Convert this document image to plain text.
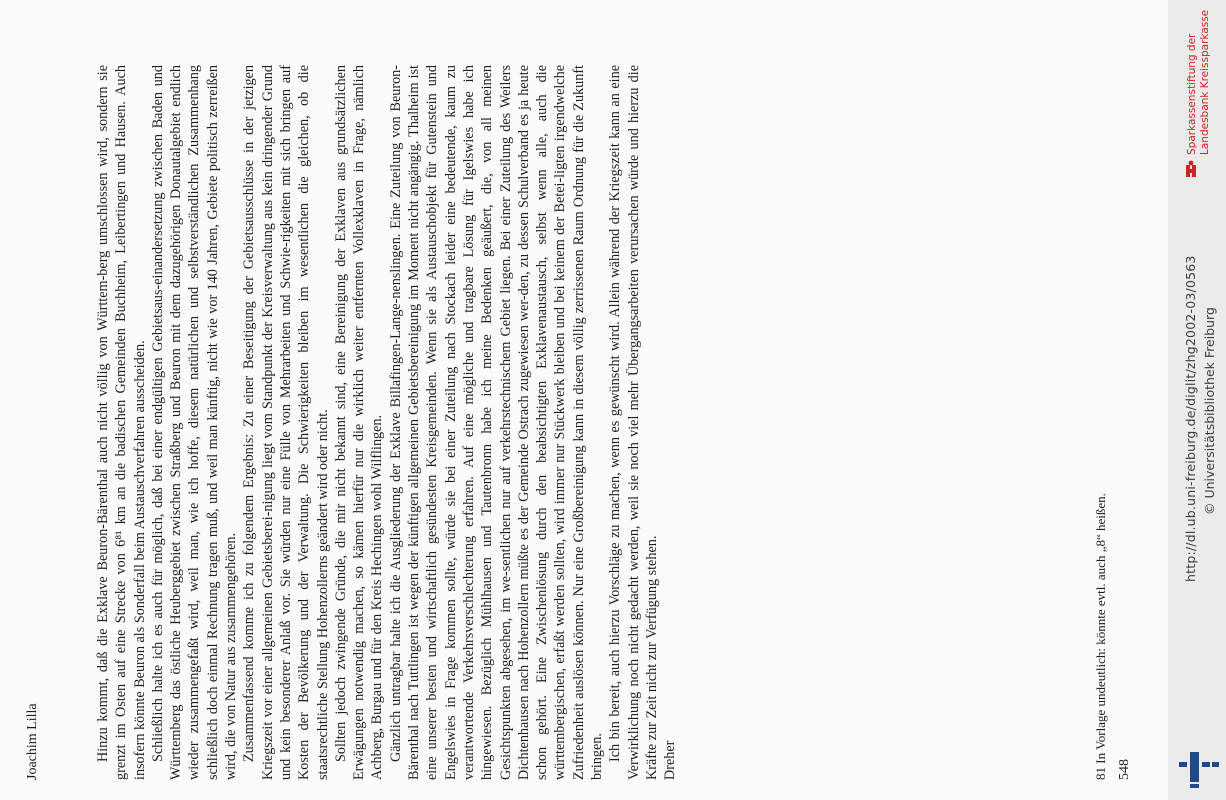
Joachim Lilla	Hinzu kommt, daß die Exklave Beuron-Bärenthal auch nicht völlig von Württem-berg umschlossen wird, sondern sie grenzt im Osten auf eine Strecke von 6⁸¹ km an die badischen Gemeinden Buchheim, Leibertingen und Hausen. Auch insofern könnte Beuron als Sonderfall beim Austauschverfahren ausscheiden. Schließlich halte ich es auch für möglich, daß bei einer endgültigen Gebietsaus-einandersetzung zwischen Baden und Württemberg das östliche Heuberggebiet zwischen Straßberg und Beuron mit dem dazugehörigen Donautalgebiet endlich wieder zusammengefaßt wird, weil man, wie ich hoffe, diesem natürlichen und selbstverständlichen Zusammenhang schließlich doch einmal Rechnung tragen muß, und weil man künftig, nicht wie vor 140 Jahren, Gebiete politisch zerreißen wird, die von Natur aus zusammengehören. Zusammenfassend komme ich zu folgendem Ergebnis: Zu einer Beseitigung der Gebietsausschlüsse in der jetzigen Kriegszeit vor einer allgemeinen Gebietsberei-nigung liegt vom Standpunkt der Kreisverwaltung aus kein dringender Grund und kein besonderer Anlaß vor. Sie würden nur eine Fülle von Mehrarbeiten und Schwie-rigkeiten mit sich bringen auf Kosten der Bevölkerung und der Verwaltung. Die Schwierigkeiten bleiben im wesentlichen die gleichen, ob die staatsrechtliche Stellung Hohenzollerns geändert wird oder nicht. Sollten jedoch zwingende Gründe, die mir nicht bekannt sind, eine Bereinigung der Exklaven aus grundsätzlichen Erwägungen notwendig machen, so kämen hierfür nur die wirklich weiter entfernten Vollexklaven in Frage, nämlich Achberg, Burgau und für den Kreis Hechingen wohl Wilflingen. Gänzlich untragbar halte ich die Ausgliederung der Exklave Billafingen-Lange-nenslingen. Eine Zuteilung von Beuron-Bärenthal nach Tuttlingen ist wegen der künftigen allgemeinen Gebietsbereinigung im Moment nicht angängig. Thalheim ist eine unserer besten und wirtschaftlich gesündesten Kreisgemeinden. Wenn sie als Austauschobjekt für Gutenstein und Engelswies in Frage kommen sollte, würde sie bei einer Zuteilung nach Stockach leider eine bedeutende, kaum zu verantwortende Verkehrsverschlechterung erfahren. Auf eine mögliche und tragbare Lösung für Igelswies habe ich hingewiesen. Bezüglich Mühlhausen und Tautenbronn habe ich meine Bedenken geäußert, die, von all meinen Gesichtspunkten abgesehen, im we-sentlichen nur auf verkehrstechnischem Gebiet liegen. Bei einer Zuteilung des Weilers Dichtenhausen nach Hohenzollern müßte es der Gemeinde Ostrach zugewiesen wer-den, zu dessen Schulverband es ja heute schon gehört. Eine Zwischenlösung durch den beabsichtigten Exklavenaustausch, selbst wenn alle, auch die württembergischen, erfaßt werden sollten, wird immer nur Stückwerk bleiben und bei keinem der Betei-ligten irgendwelche Zufriedenheit auslösen können. Nur eine Großbereinigung kann in diesem völlig zerrissenen Raum Ordnung für die Zukunft bringen. Ich bin bereit, auch hierzu Vorschläge zu machen, wenn es gewünscht wird. Allein während der Kriegszeit kann an eine Verwirklichung noch nicht gedacht werden, weil sie noch viel mehr Übergangsarbeiten verursachen würde und hierzu die Kräfte zur Zeit nicht zur Verfügung stehen. Dreher	81 In Vorlage undeutlich: könnte evtl. auch „8“ heißen. 548
http://dl.ub.uni-freiburg.de/diglit/zhg2002-03/0563 © Universitätsbibliothek Freiburg
Sparkassenstiftung der Landesbank Kreissparkasse
